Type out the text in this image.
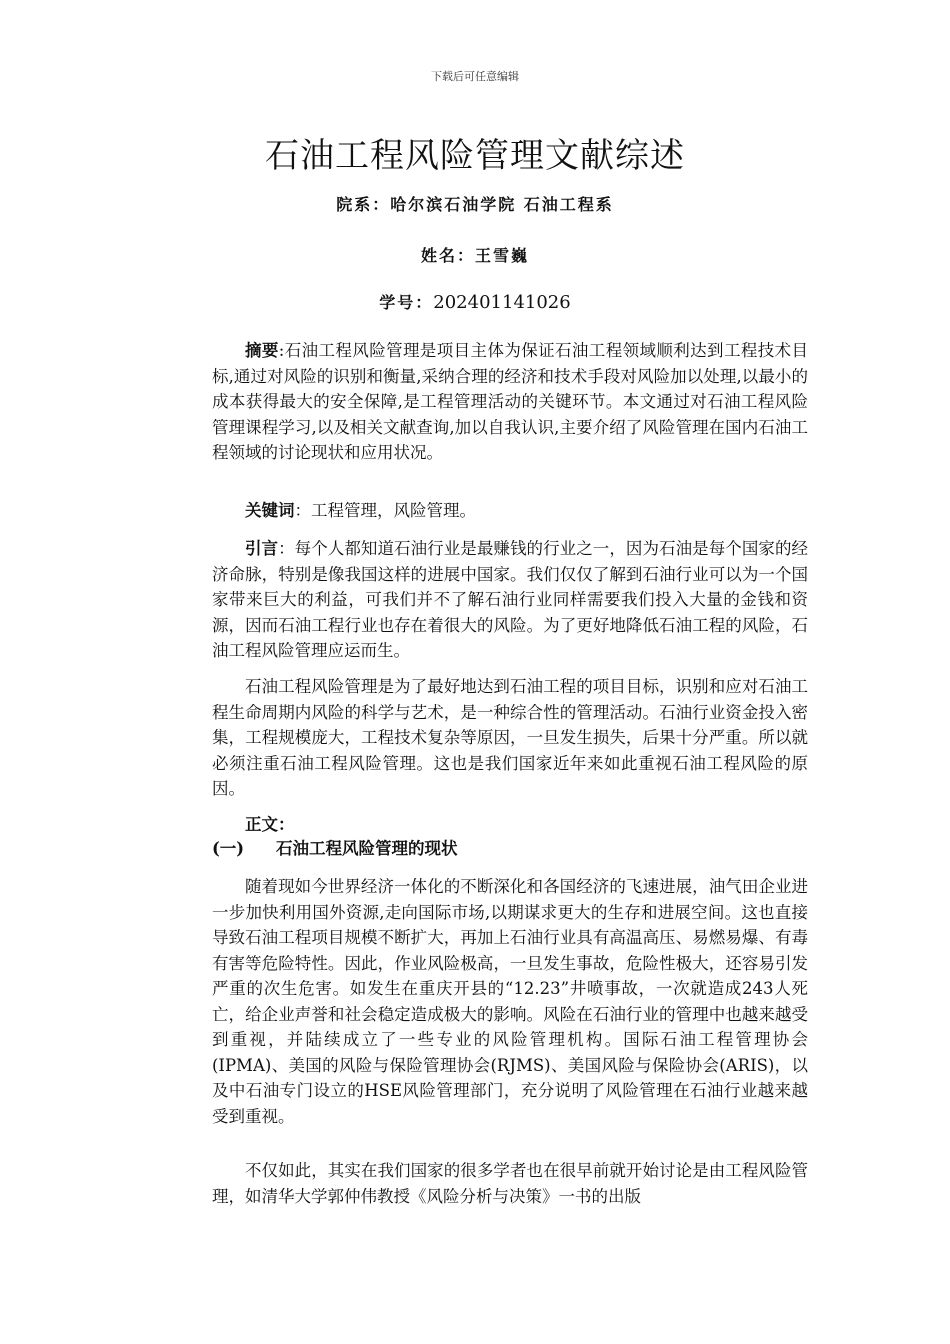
下载后可任意编辑
石油工程风险管理文献综述
院系：哈尔滨石油学院 石油工程系
姓名：王雪巍
学号：202401141026

摘要:石油工程风险管理是项目主体为保证石油工程领域顺利达到工程技术目标,通过对风险的识别和衡量,采纳合理的经济和技术手段对风险加以处理,以最小的成本获得最大的安全保障,是工程管理活动的关键环节。本文通过对石油工程风险管理课程学习,以及相关文献查询,加以自我认识,主要介绍了风险管理在国内石油工程领域的讨论现状和应用状况。

关键词：工程管理，风险管理。

引言：每个人都知道石油行业是最赚钱的行业之一，因为石油是每个国家的经济命脉，特别是像我国这样的进展中国家。我们仅仅了解到石油行业可以为一个国家带来巨大的利益，可我们并不了解石油行业同样需要我们投入大量的金钱和资源，因而石油工程行业也存在着很大的风险。为了更好地降低石油工程的风险，石油工程风险管理应运而生。

石油工程风险管理是为了最好地达到石油工程的项目目标，识别和应对石油工程生命周期内风险的科学与艺术，是一种综合性的管理活动。石油行业资金投入密集，工程规模庞大，工程技术复杂等原因，一旦发生损失，后果十分严重。所以就必须注重石油工程风险管理。这也是我们国家近年来如此重视石油工程风险的原因。

正文：

(一) 石油工程风险管理的现状

随着现如今世界经济一体化的不断深化和各国经济的飞速进展，油气田企业进一步加快利用国外资源,走向国际市场,以期谋求更大的生存和进展空间。这也直接导致石油工程项目规模不断扩大，再加上石油行业具有高温高压、易燃易爆、有毒有害等危险特性。因此，作业风险极高，一旦发生事故，危险性极大，还容易引发严重的次生危害。如发生在重庆开县的“12.23”井喷事故，一次就造成243人死亡，给企业声誉和社会稳定造成极大的影响。风险在石油行业的管理中也越来越受到重视，并陆续成立了一些专业的风险管理机构。国际石油工程管理协会(IPMA)、美国的风险与保险管理协会(RJMS)、美国风险与保险协会(ARIS)，以及中石油专门设立的HSE风险管理部门，充分说明了风险管理在石油行业越来越受到重视。

不仅如此，其实在我们国家的很多学者也在很早前就开始讨论是由工程风险管理，如清华大学郭仲伟教授《风险分析与决策》一书的出版
